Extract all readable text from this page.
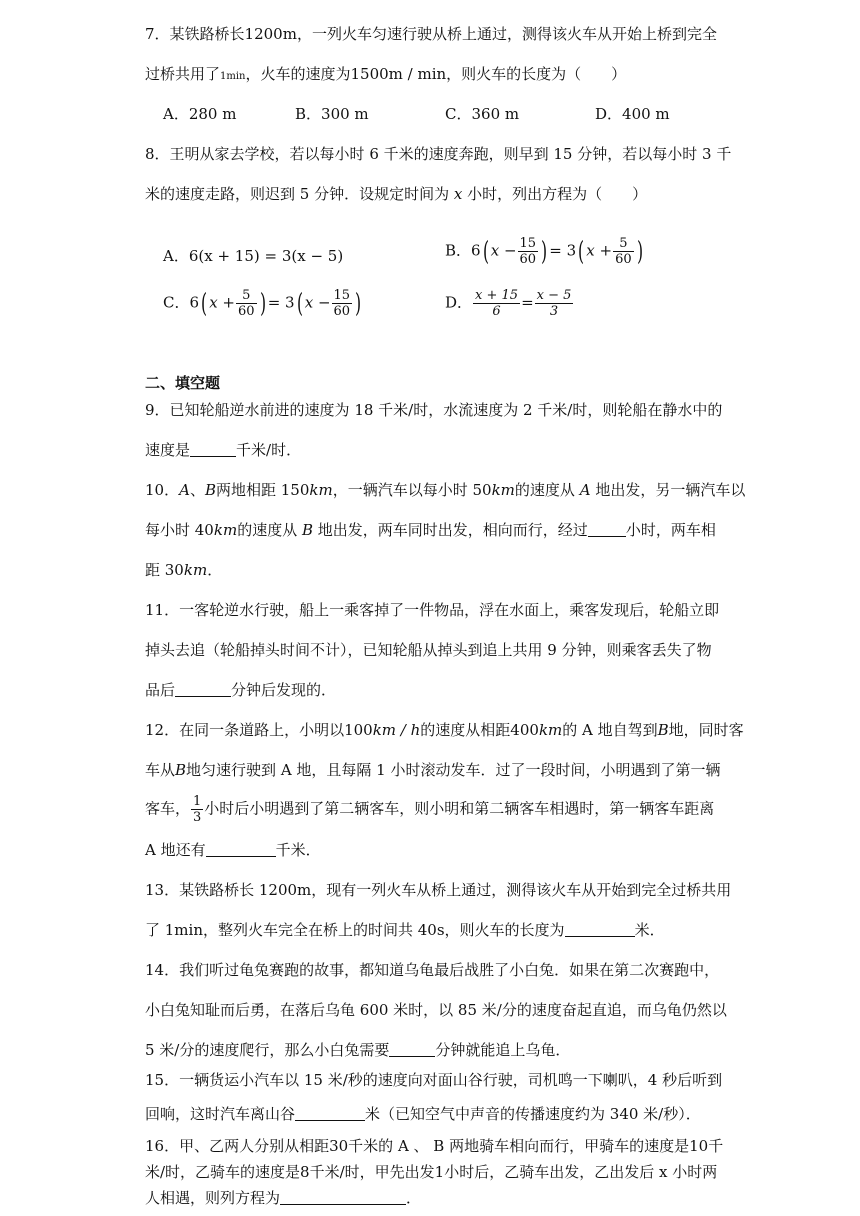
7．某铁路桥长1200m，一列火车匀速行驶从桥上通过，测得该火车从开始上桥到完全
过桥共用了1min，火车的速度为1500m / min，则火车的长度为（　　）
A．280 m	B．300 m	C．360 m	D．400 m
8．王明从家去学校，若以每小时 6 千米的速度奔跑，则早到 15 分钟，若以每小时 3 千
米的速度走路，则迟到 5 分钟．设规定时间为 x 小时，列出方程为（　　）
A．6(x + 15) = 3(x − 5)	B．6( $x - \frac{15}{60}$ ) = 3( $x + \frac{5}{60}$ )
C．6( $x + \frac{5}{60}$ ) = 3( $x - \frac{15}{60}$ )	D． $\frac{x + 15}{6} = \frac{x - 5}{3}$
二、填空题
9．已知轮船逆水前进的速度为 18 千米/时，水流速度为 2 千米/时，则轮船在静水中的
速度是	千米/时．
10．A、B两地相距 150km，一辆汽车以每小时 50km的速度从 A 地出发，另一辆汽车以
每小时 40km的速度从 B 地出发，两车同时出发，相向而行，经过	小时，两车相
距 30km．
11．一客轮逆水行驶，船上一乘客掉了一件物品，浮在水面上，乘客发现后，轮船立即
掉头去追（轮船掉头时间不计），已知轮船从掉头到追上共用 9 分钟，则乘客丢失了物
品后	分钟后发现的．
12．在同一条道路上，小明以100km / h的速度从相距400km的 A 地自驾到B地，同时客
车从B地匀速行驶到 A 地，且每隔 1 小时滚动发车．过了一段时间，小明遇到了第一辆
客车， $\frac{1}{3}$ 小时后小明遇到了第二辆客车，则小明和第二辆客车相遇时，第一辆客车距离
A 地还有	千米．
13．某铁路桥长 1200m，现有一列火车从桥上通过，测得该火车从开始到完全过桥共用
了 1min，整列火车完全在桥上的时间共 40s，则火车的长度为	米．
14．我们听过龟兔赛跑的故事，都知道乌龟最后战胜了小白兔．如果在第二次赛跑中，
小白兔知耻而后勇，在落后乌龟 600 米时，以 85 米/分的速度奋起直追，而乌龟仍然以
5 米/分的速度爬行，那么小白兔需要	分钟就能追上乌龟．
15．一辆货运小汽车以 15 米/秒的速度向对面山谷行驶，司机鸣一下喇叭，4 秒后听到
回响，这时汽车离山谷	米（已知空气中声音的传播速度约为 340 米/秒）．
16．甲、乙两人分别从相距30千米的 A 、 B 两地骑车相向而行，甲骑车的速度是10千
米/时，乙骑车的速度是8千米/时，甲先出发1小时后，乙骑车出发，乙出发后 x 小时两
人相遇，则列方程为	．
